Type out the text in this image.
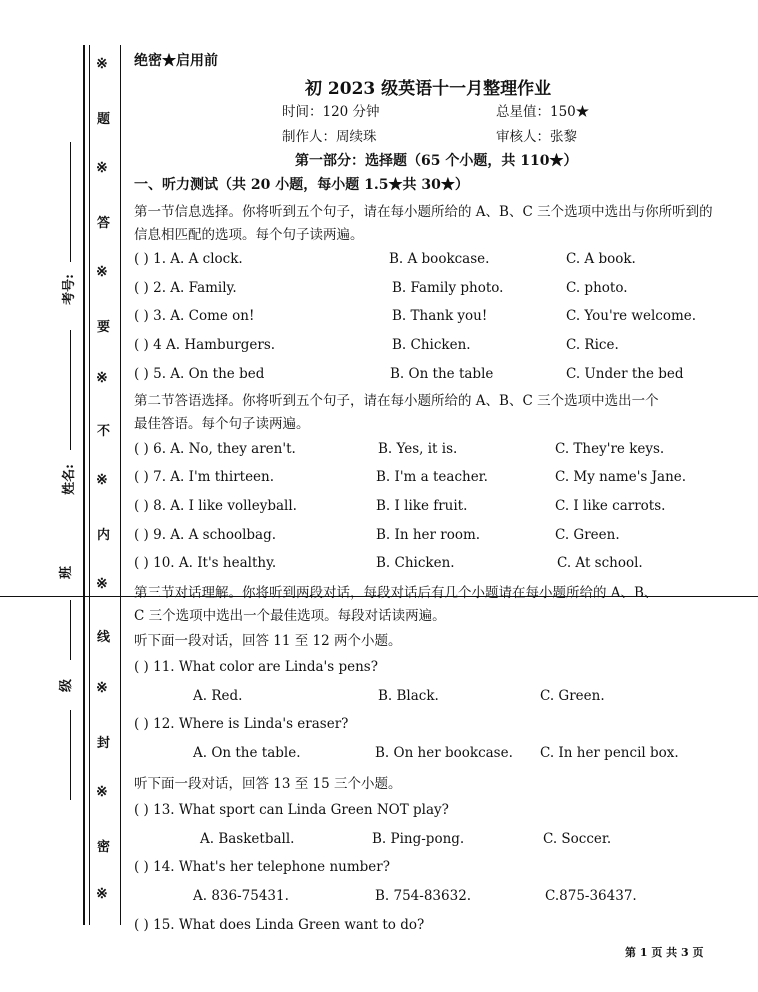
※
题
※
答
※
要
※
不
※
内
※
线
※
封
※
密
※
考号:
姓名:
班
级
绝密★启用前
初 2023 级英语十一月整理作业
时间：120 分钟	总星值：150★
制作人：周续珠	审核人：张黎
第一部分：选择题（65 个小题，共 110★）
一、听力测试（共 20 小题，每小题 1.5★共 30★）
第一节信息选择。你将听到五个句子，请在每小题所给的 A、B、C 三个选项中选出与你所听到的
信息相匹配的选项。每个句子读两遍。
( ) 1. A. A clock.	B. A bookcase.	C. A book.
( ) 2. A. Family.	B. Family photo.	C. photo.
( ) 3. A. Come on!	B. Thank you!	C. You're welcome.
( ) 4 A. Hamburgers.	B. Chicken.	C. Rice.
( ) 5. A. On the bed	B. On the table	C. Under the bed
第二节答语选择。你将听到五个句子，请在每小题所给的 A、B、C 三个选项中选出一个
最佳答语。每个句子读两遍。
( ) 6. A. No, they aren't.	B. Yes, it is.	C. They're keys.
( ) 7. A. I'm thirteen.	B. I'm a teacher.	C. My name's Jane.
( ) 8. A. I like volleyball.	B. I like fruit.	C. I like carrots.
( ) 9. A. A schoolbag.	B. In her room.	C. Green.
( ) 10. A. It's healthy.	B. Chicken.	C. At school.
第三节对话理解。你将听到两段对话，每段对话后有几个小题请在每小题所给的 A、B、
C 三个选项中选出一个最佳选项。每段对话读两遍。
听下面一段对话，回答 11 至 12 两个小题。
( ) 11. What color are Linda's pens?
A. Red.	B. Black.	C. Green.
( ) 12. Where is Linda's eraser?
A. On the table.	B. On her bookcase. C. In her pencil box.
听下面一段对话，回答 13 至 15 三个小题。
( ) 13. What sport can Linda Green NOT play?
A. Basketball.	B. Ping-pong.	C. Soccer.
( ) 14. What's her telephone number?
A. 836-75431.	B. 754-83632.	C.875-36437.
( ) 15. What does Linda Green want to do?
第 1 页 共 3 页
